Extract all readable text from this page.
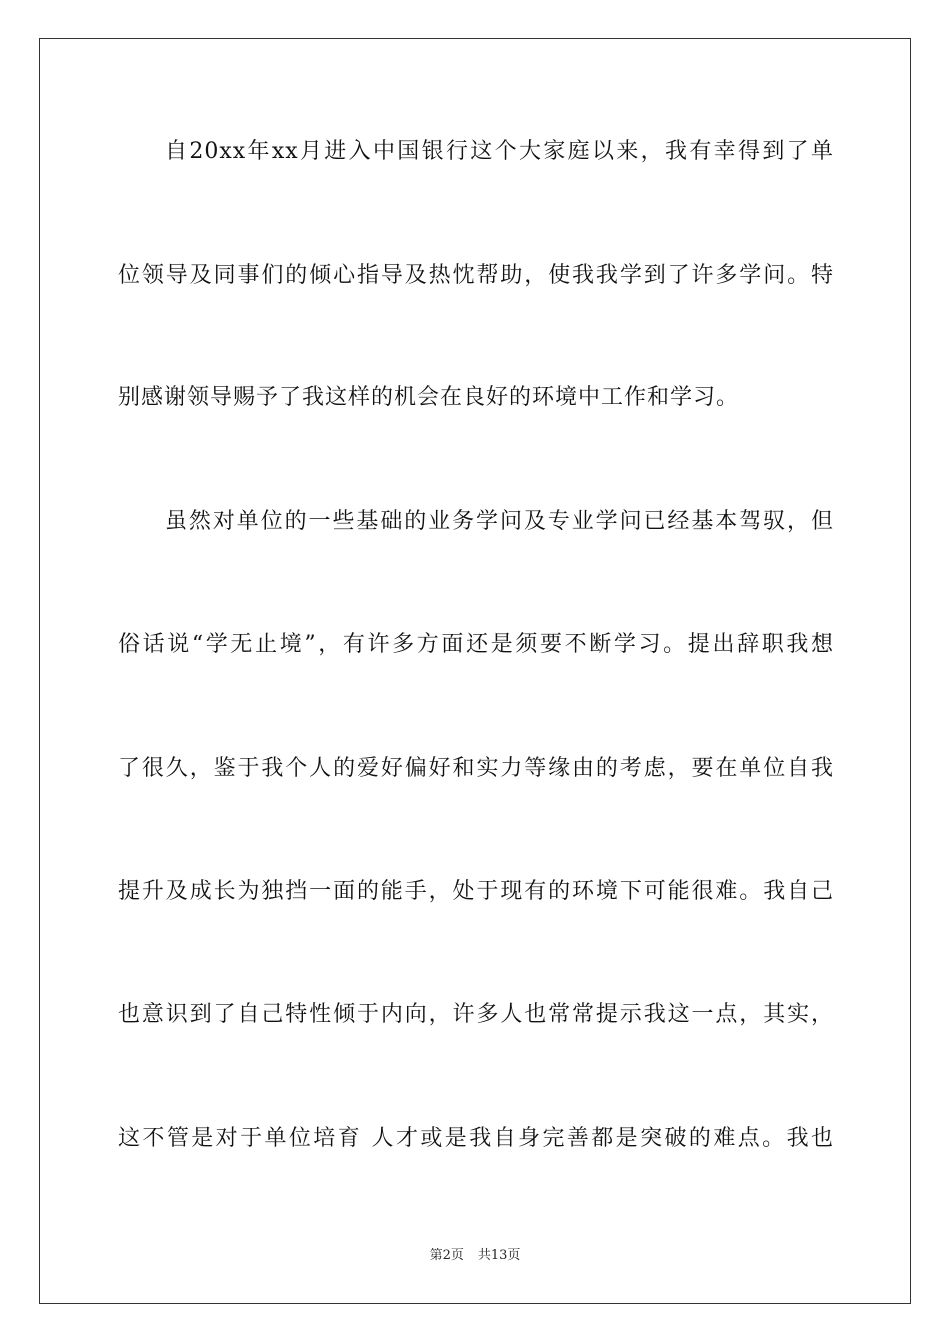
自20xx年xx月进入中国银行这个大家庭以来，我有幸得到了单
位领导及同事们的倾心指导及热忱帮助，使我我学到了许多学问。特
别感谢领导赐予了我这样的机会在良好的环境中工作和学习。
虽然对单位的一些基础的业务学问及专业学问已经基本驾驭，但
俗话说“学无止境”，有许多方面还是须要不断学习。提出辞职我想
了很久，鉴于我个人的爱好偏好和实力等缘由的考虑，要在单位自我
提升及成长为独挡一面的能手，处于现有的环境下可能很难。我自己
也意识到了自己特性倾于内向，许多人也常常提示我这一点，其实，
这不管是对于单位培育 人才或是我自身完善都是突破的难点。我也
第2页 共13页
